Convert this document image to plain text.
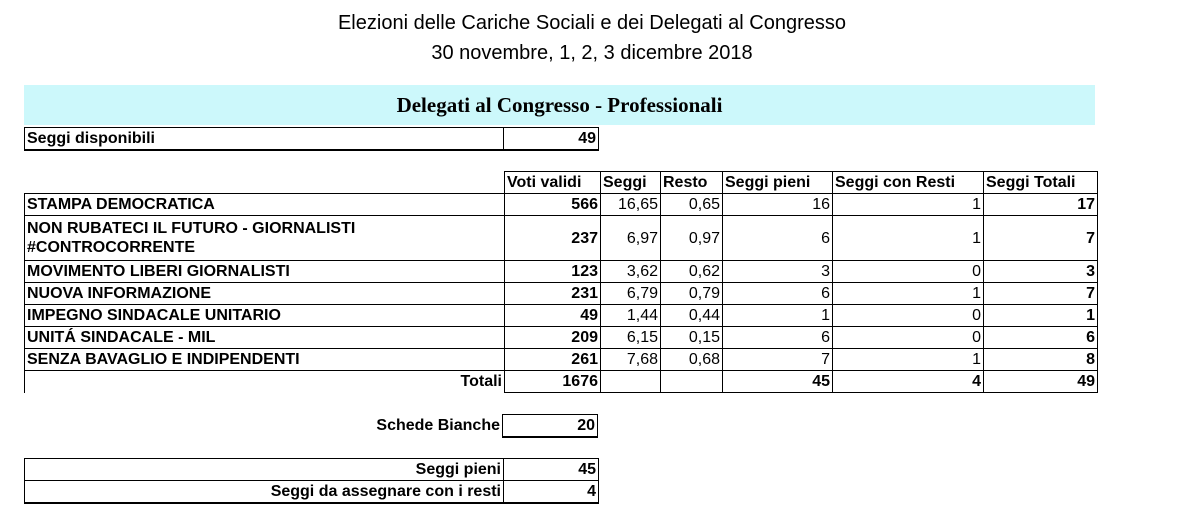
Elezioni delle Cariche Sociali e dei Delegati al Congresso
30 novembre, 1, 2, 3 dicembre 2018
Delegati al Congresso - Professionali
Seggi disponibili	49
	Voti validi	Seggi	Resto	Seggi pieni	Seggi con Resti	Seggi Totali
STAMPA DEMOCRATICA	566	16,65	0,65	16	1	17
NON RUBATECI IL FUTURO - GIORNALISTI #CONTROCORRENTE	237	6,97	0,97	6	1	7
MOVIMENTO LIBERI GIORNALISTI	123	3,62	0,62	3	0	3
NUOVA INFORMAZIONE	231	6,79	0,79	6	1	7
IMPEGNO SINDACALE UNITARIO	49	1,44	0,44	1	0	1
UNITÁ SINDACALE - MIL	209	6,15	0,15	6	0	6
SENZA BAVAGLIO E INDIPENDENTI	261	7,68	0,68	7	1	8
Totali	1676			45	4	49
Schede Bianche	20
Seggi pieni	45
Seggi da assegnare con i resti	4
